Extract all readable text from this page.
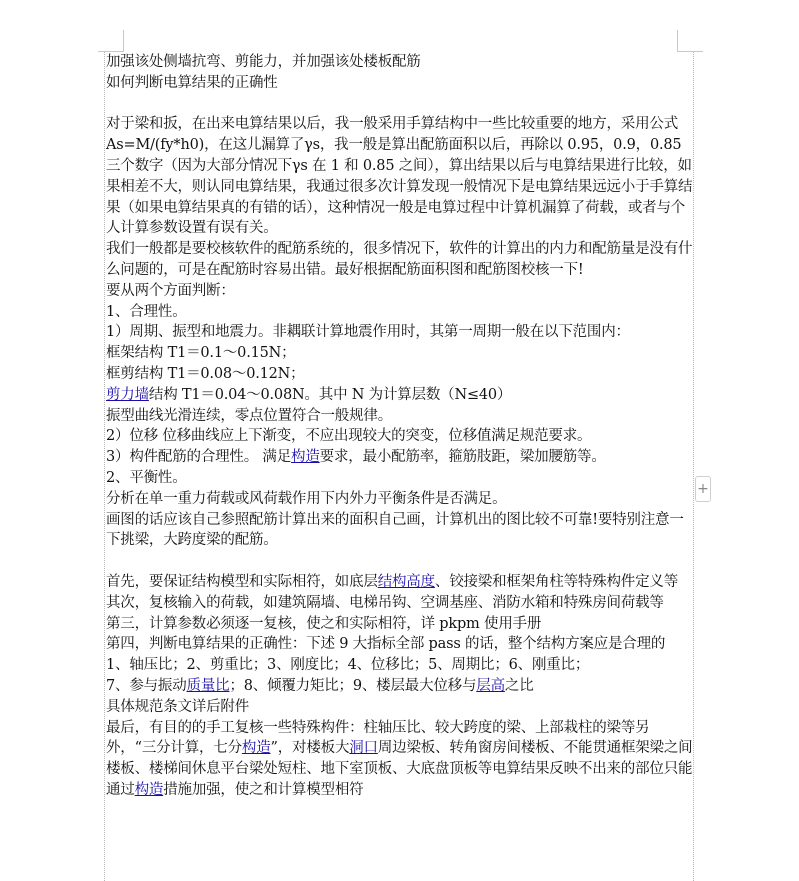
加强该处侧墙抗弯、剪能力，并加强该处楼板配筋

如何判断电算结果的正确性

对于梁和扳，在出来电算结果以后，我一般采用手算结构中一些比较重要的地方，采用公式 As=M/(fy*h0)，在这儿漏算了γs，我一般是算出配筋面积以后，再除以 0.95，0.9，0.85 三个数字（因为大部分情况下γs 在 1 和 0.85 之间），算出结果以后与电算结果进行比较，如果相差不大，则认同电算结果，我通过很多次计算发现一般情况下是电算结果远远小于手算结果（如果电算结果真的有错的话），这种情况一般是电算过程中计算机漏算了荷载，或者与个人计算参数设置有误有关。

我们一般都是要校核软件的配筋系统的，很多情况下，软件的计算出的内力和配筋量是没有什么问题的，可是在配筋时容易出错。最好根据配筋面积图和配筋图校核一下!

要从两个方面判断：

1、合理性。

1）周期、振型和地震力。非耦联计算地震作用时，其第一周期一般在以下范围内：

框架结构 T1＝0.1～0.15N；

框剪结构 T1＝0.08～0.12N；

剪力墙结构 T1＝0.04～0.08N。其中 N 为计算层数（N≤40）

振型曲线光滑连续，零点位置符合一般规律。

2）位移 位移曲线应上下渐变，不应出现较大的突变，位移值满足规范要求。

3）构件配筋的合理性。 满足构造要求，最小配筋率，箍筋肢距，梁加腰筋等。

2、平衡性。

分析在单一重力荷载或风荷载作用下内外力平衡条件是否满足。

画图的话应该自己参照配筋计算出来的面积自己画，计算机出的图比较不可靠!要特别注意一下挑梁，大跨度梁的配筋。

首先，要保证结构模型和实际相符，如底层结构高度、铰接梁和框架角柱等特殊构件定义等

其次，复核输入的荷载，如建筑隔墙、电梯吊钩、空调基座、消防水箱和特殊房间荷载等

第三，计算参数必须逐一复核，使之和实际相符，详 pkpm 使用手册

第四，判断电算结果的正确性：下述 9 大指标全部 pass 的话，整个结构方案应是合理的

1、轴压比；2、剪重比；3、刚度比；4、位移比；5、周期比；6、刚重比；

7、参与振动质量比；8、倾覆力矩比；9、楼层最大位移与层高之比

具体规范条文详后附件

最后，有目的的手工复核一些特殊构件：柱轴压比、较大跨度的梁、上部栽柱的梁等另外，“三分计算，七分构造”，对楼板大洞口周边梁板、转角窗房间楼板、不能贯通框架梁之间楼板、楼梯间休息平台梁处短柱、地下室顶板、大底盘顶板等电算结果反映不出来的部位只能通过构造措施加强，使之和计算模型相符

+
